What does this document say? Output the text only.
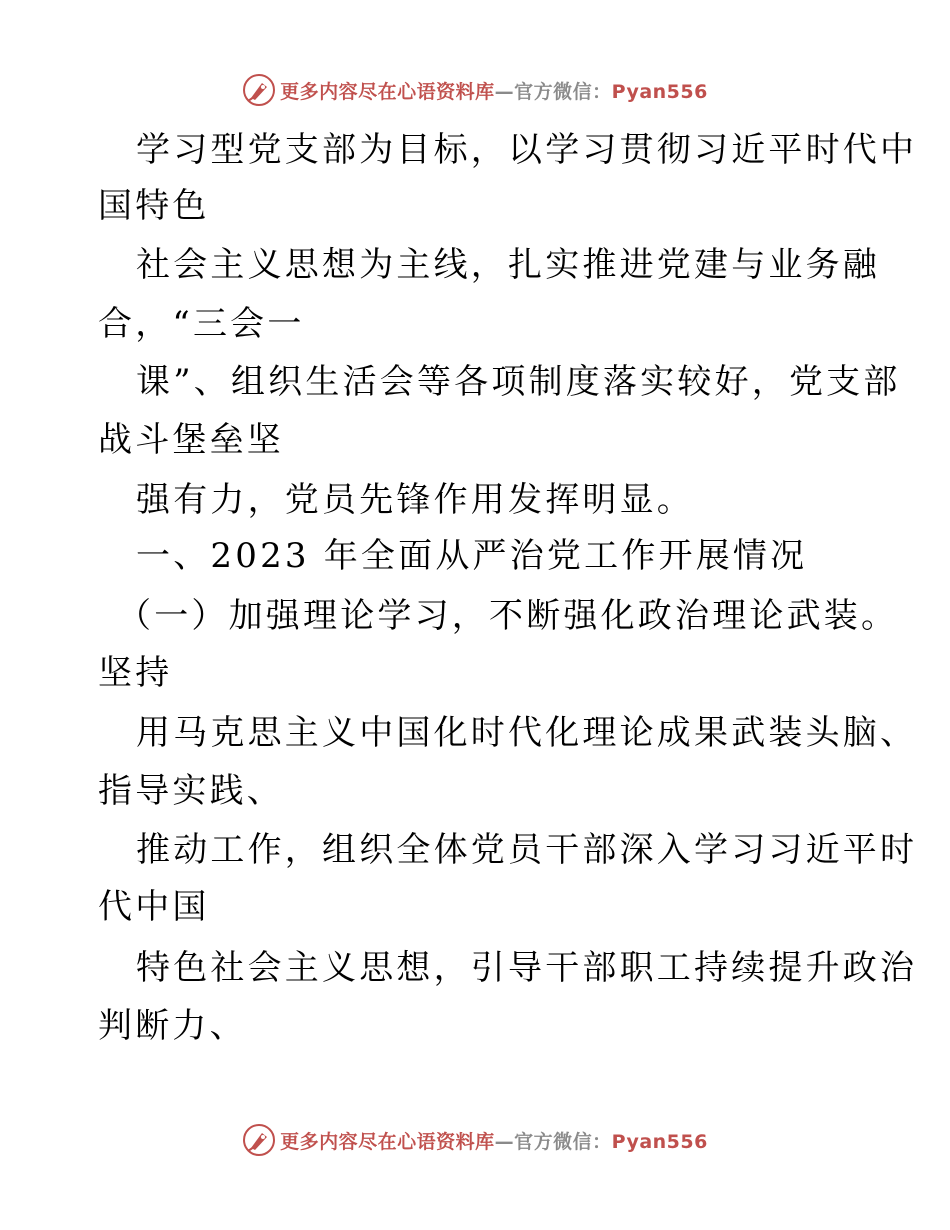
更多内容尽在心语资料库—官方微信：Pyan556
学习型党支部为目标，以学习贯彻习近平时代中
国特色
社会主义思想为主线，扎实推进党建与业务融
合，“三会一
课”、组织生活会等各项制度落实较好，党支部
战斗堡垒坚
强有力，党员先锋作用发挥明显。
一、2023 年全面从严治党工作开展情况
（一）加强理论学习，不断强化政治理论武装。
坚持
用马克思主义中国化时代化理论成果武装头脑、
指导实践、
推动工作，组织全体党员干部深入学习习近平时
代中国
特色社会主义思想，引导干部职工持续提升政治
判断力、
更多内容尽在心语资料库—官方微信：Pyan556
